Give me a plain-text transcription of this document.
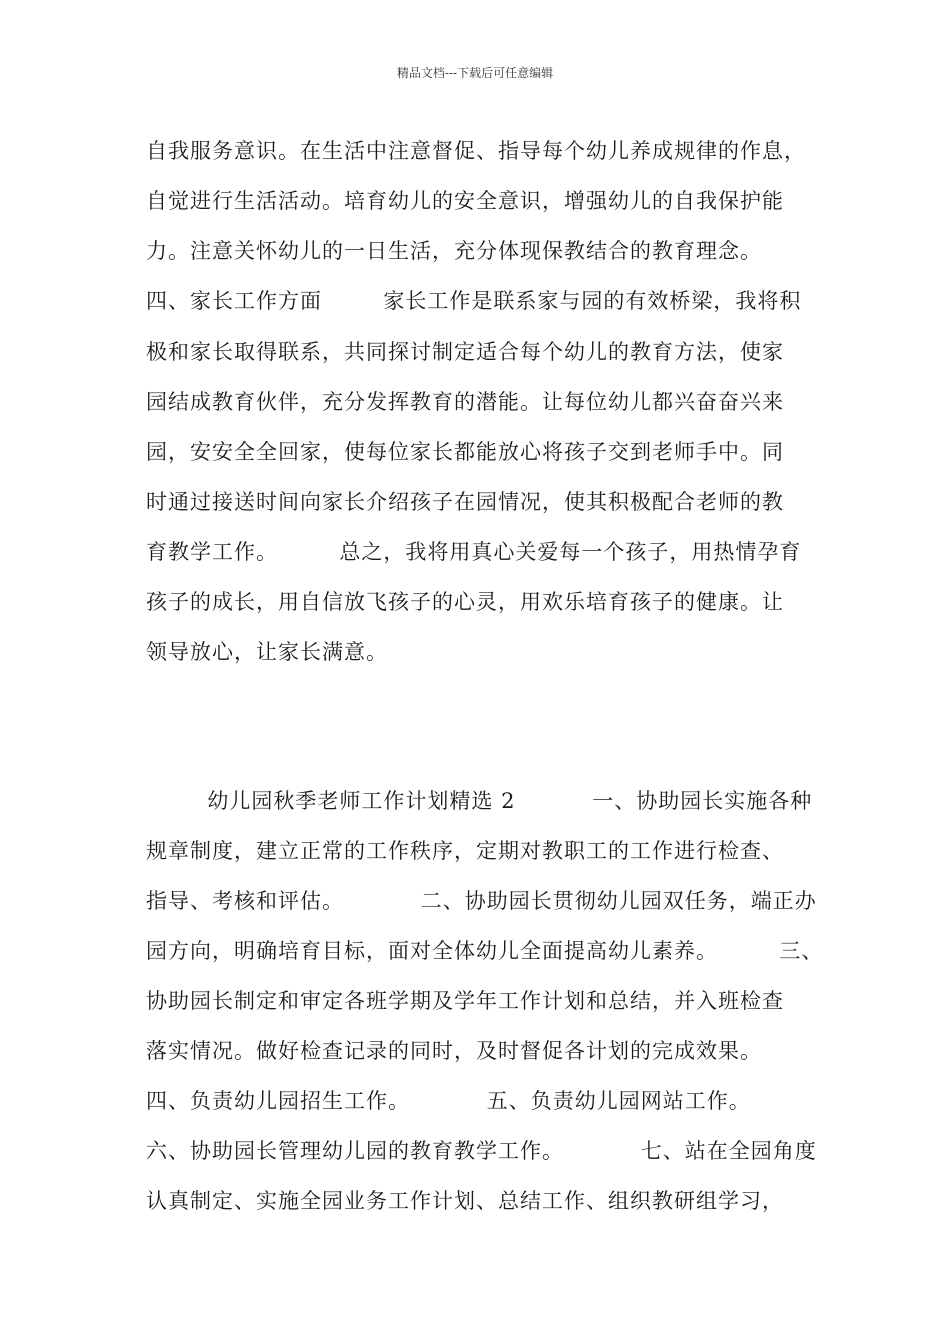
精品文档---下载后可任意编辑
自我服务意识。在生活中注意督促、指导每个幼儿养成规律的作息，
自觉进行生活活动。培育幼儿的安全意识，增强幼儿的自我保护能
力。注意关怀幼儿的一日生活，充分体现保教结合的教育理念。
四、家长工作方面        家长工作是联系家与园的有效桥梁，我将积
极和家长取得联系，共同探讨制定适合每个幼儿的教育方法，使家
园结成教育伙伴，充分发挥教育的潜能。让每位幼儿都兴奋奋兴来
园，安安全全回家，使每位家长都能放心将孩子交到老师手中。同
时通过接送时间向家长介绍孩子在园情况，使其积极配合老师的教
育教学工作。        总之，我将用真心关爱每一个孩子，用热情孕育
孩子的成长，用自信放飞孩子的心灵，用欢乐培育孩子的健康。让
领导放心，让家长满意。
幼儿园秋季老师工作计划精选 2          一、协助园长实施各种
规章制度，建立正常的工作秩序，定期对教职工的工作进行检查、
指导、考核和评估。          二、协助园长贯彻幼儿园双任务，端正办
园方向，明确培育目标，面对全体幼儿全面提高幼儿素养。        三、
协助园长制定和审定各班学期及学年工作计划和总结，并入班检查
落实情况。做好检查记录的同时，及时督促各计划的完成效果。
四、负责幼儿园招生工作。          五、负责幼儿园网站工作。
六、协助园长管理幼儿园的教育教学工作。          七、站在全园角度
认真制定、实施全园业务工作计划、总结工作、组织教研组学习，
